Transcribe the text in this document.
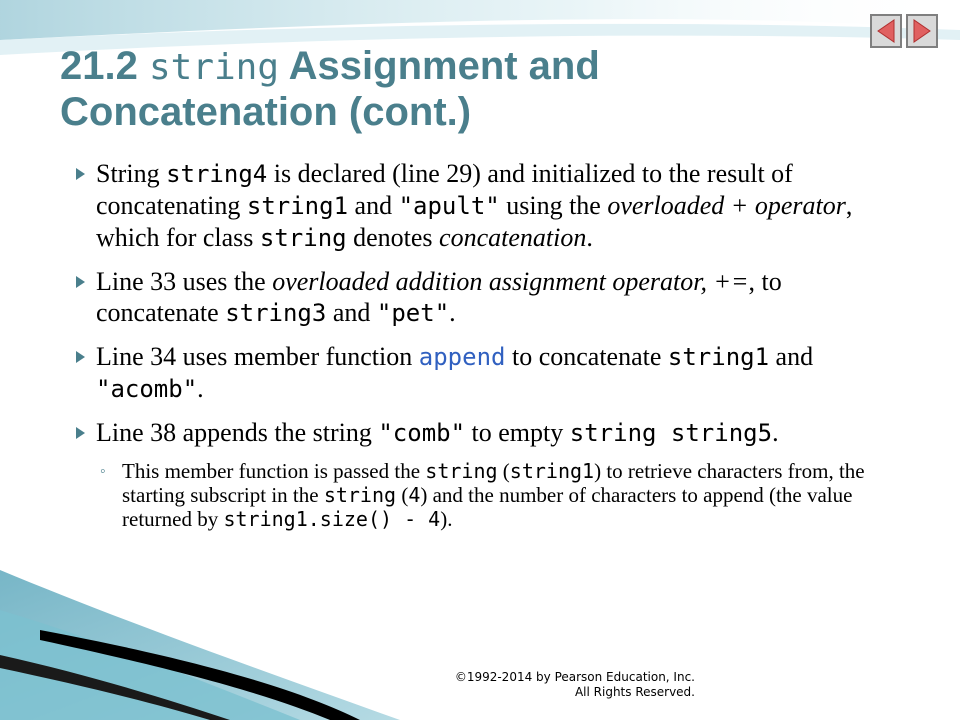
21.2 string Assignment and
Concatenation (cont.)
String string4 is declared (line 29) and initialized to the result of concatenating string1 and "apult" using the overloaded + operator, which for class string denotes concatenation.
Line 33 uses the overloaded addition assignment operator, +=, to concatenate string3 and "pet".
Line 34 uses member function append to concatenate string1 and "acomb".
Line 38 appends the string "comb" to empty string string5.
◦ This member function is passed the string (string1) to retrieve characters from, the starting subscript in the string (4) and the number of characters to append (the value returned by string1.size() - 4).
©1992-2014 by Pearson Education, Inc.
All Rights Reserved.
